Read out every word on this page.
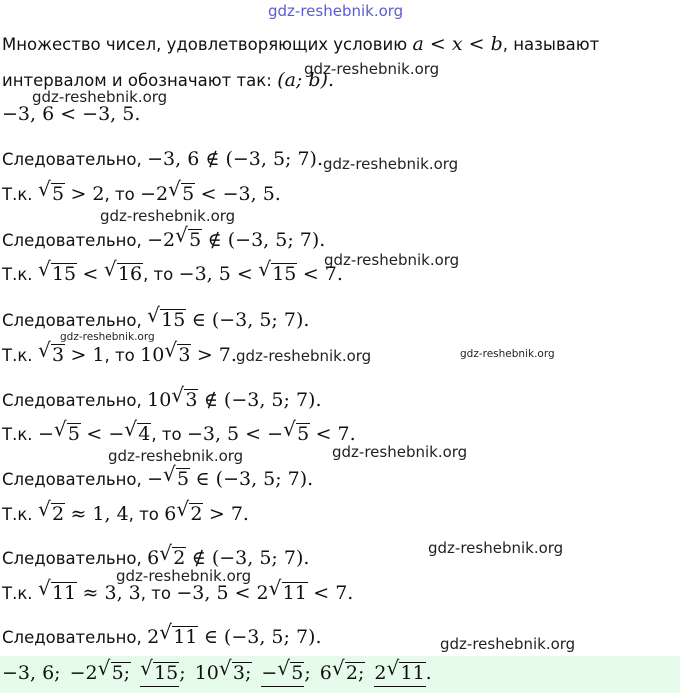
gdz-reshebnik.org
gdz-reshebnik.org
gdz-reshebnik.org
gdz-reshebnik.org
gdz-reshebnik.org
gdz-reshebnik.org
gdz-reshebnik.org
gdz-reshebnik.org	gdz-reshebnik.org
gdz-reshebnik.org
gdz-reshebnik.org
gdz-reshebnik.org
gdz-reshebnik.org
gdz-reshebnik.org
Множество чисел, удовлетворяющих условию
a < x < b , называют
интервалом и обозначают так:
(a; b).
−3, 6 < −3, 5.
Следовательно,
−3, 6 ∉ (−3, 5; 7).
Т.к.
√ 5
> 2 , то
−2 √ 5
< −3, 5.
Следовательно,
−2 √ 5
∉ (−3, 5; 7).
Т.к.
√ 15
<
√ 16 , то
−3, 5 <
√ 15
< 7.
Следовательно,
√ 15
∈ (−3, 5; 7).
Т.к.
√ 3
> 1 , то
10 √ 3
> 7.
Следовательно,
10 √ 3
∉ (−3, 5; 7).
Т.к.
− √ 5
< − √ 4 , то
−3, 5 < − √ 5
< 7.
Следовательно,
− √ 5
∈ (−3, 5; 7).
Т.к.
√ 2
≈ 1, 4 , то
6 √ 2
> 7.
Следовательно,
6 √ 2
∉ (−3, 5; 7).
Т.к.
√ 11
≈ 3, 3 , то
−3, 5 < 2 √ 11
< 7.
Следовательно,
2 √ 11
∈ (−3, 5; 7).
−3, 6; −2 √ 5; √ 15 ; 10 √ 3; − √ 5 ; 6 √ 2; 2 √ 11 .
